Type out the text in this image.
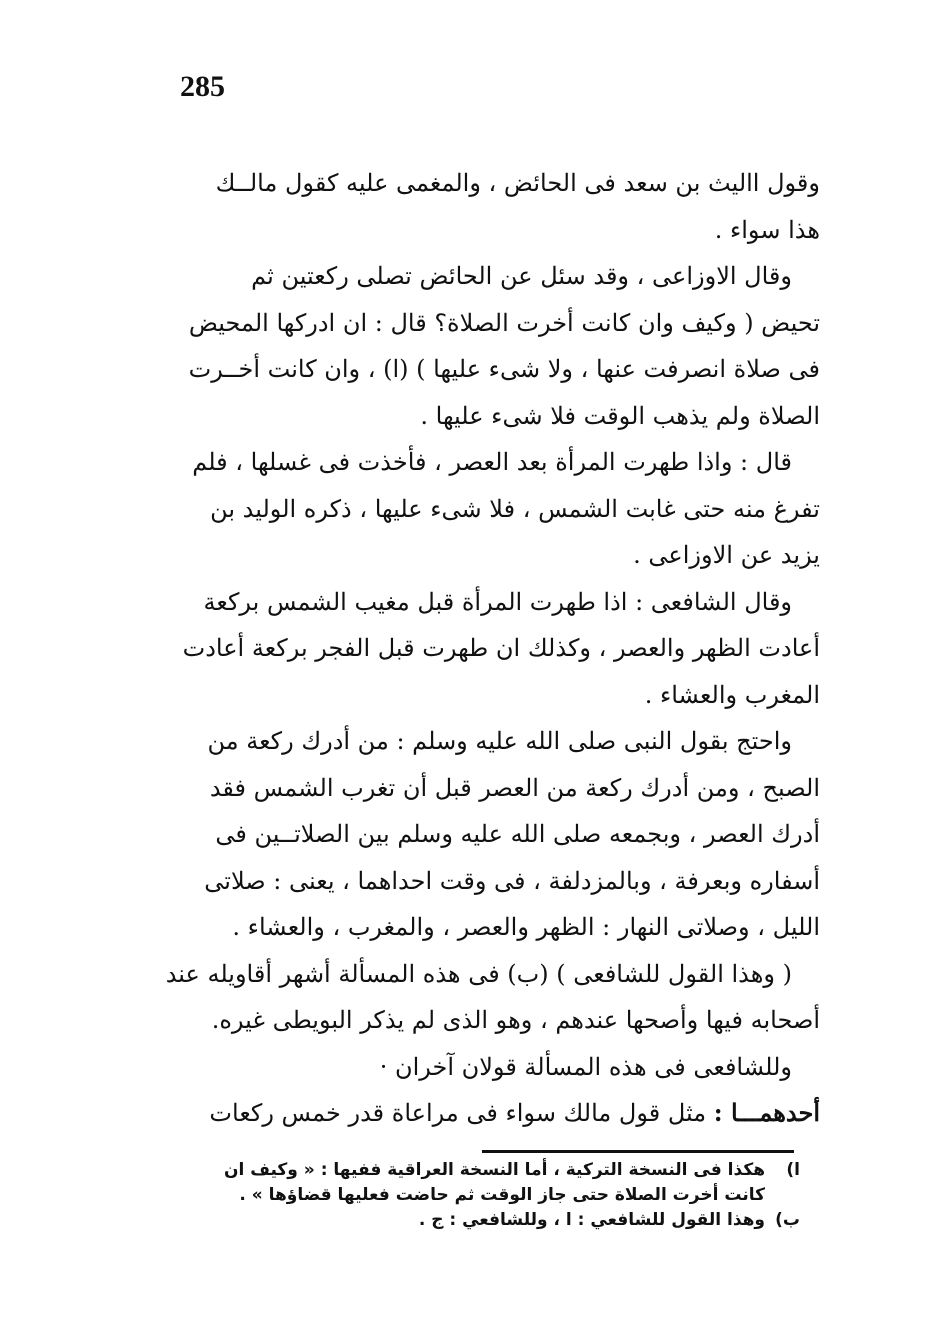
285
وقول االيث بن سعد فى الحائض ، والمغمى عليه كقول مالــك
هذا سواء .
وقال الاوزاعى ، وقد سئل عن الحائض تصلى ركعتين ثم
تحيض ( وكيف وان كانت أخرت الصلاة؟ قال : ان ادركها المحيض
فى صلاة انصرفت عنها ، ولا شىء عليها ) (ا) ، وان كانت أخــرت
الصلاة ولم يذهب الوقت فلا شىء عليها .
قال : واذا طهرت المرأة بعد العصر ، فأخذت فى غسلها ، فلم
تفرغ منه حتى غابت الشمس ، فلا شىء عليها ، ذكره الوليد بن
يزيد عن الاوزاعى .
وقال الشافعى : اذا طهرت المرأة قبل مغيب الشمس بركعة
أعادت الظهر والعصر ، وكذلك ان طهرت قبل الفجر بركعة أعادت
المغرب والعشاء .
واحتج بقول النبى صلى الله عليه وسلم : من أدرك ركعة من
الصبح ، ومن أدرك ركعة من العصر قبل أن تغرب الشمس فقد
أدرك العصر ، وبجمعه صلى الله عليه وسلم بين الصلاتــين فى
أسفاره وبعرفة ، وبالمزدلفة ، فى وقت احداهما ، يعنى : صلاتى
الليل ، وصلاتى النهار : الظهر والعصر ، والمغرب ، والعشاء .
( وهذا القول للشافعى ) (ب) فى هذه المسألة أشهر أقاويله عند
أصحابه فيها وأصحها عندهم ، وهو الذى لم يذكر البويطى غيره.
وللشافعى فى هذه المسألة قولان آخران ·
أحدهمـــا : مثل قول مالك سواء فى مراعاة قدر خمس ركعات
ا)
هكذا فى النسخة التركية ، أما النسخة العراقية ففيها : « وكيف ان
كانت أخرت الصلاة حتى جاز الوقت ثم حاضت فعليها قضاؤها » .
ب)
وهذا القول للشافعي : ا ، وللشافعي : ج .
